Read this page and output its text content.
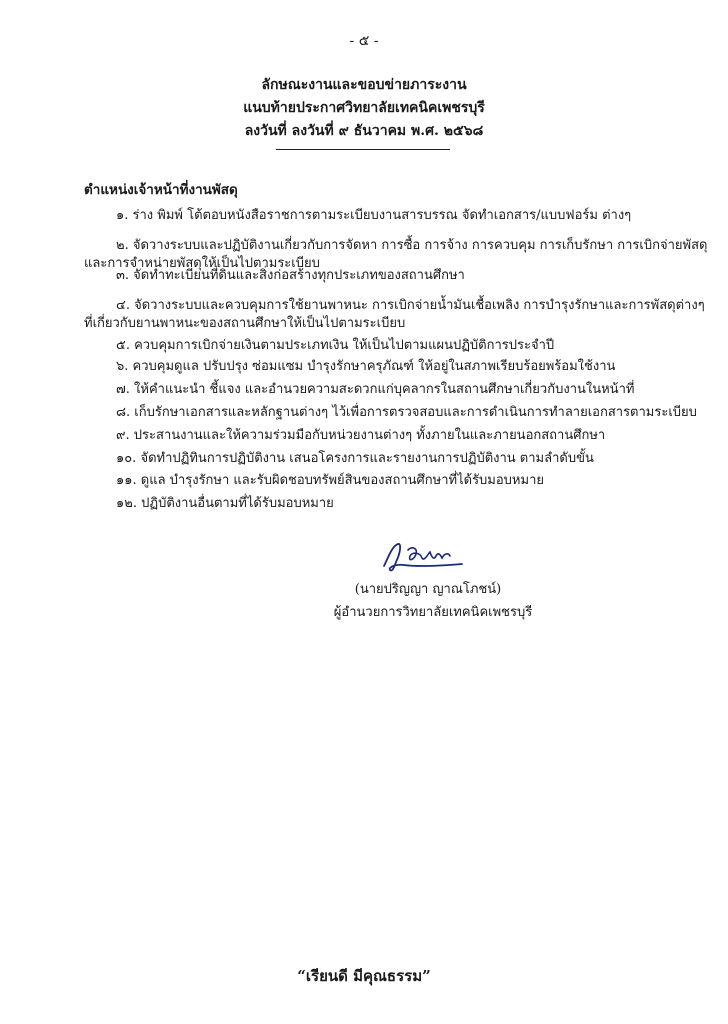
- ๕ -
ลักษณะงานและขอบข่ายภาระงาน
แนบท้ายประกาศวิทยาลัยเทคนิคเพชรบุรี
ลงวันที่ ลงวันที่ ๙ ธันวาคม พ.ศ. ๒๕๖๘
ตำแหน่งเจ้าหน้าที่งานพัสดุ
๑. ร่าง พิมพ์ โต้ตอบหนังสือราชการตามระเบียบงานสารบรรณ จัดทำเอกสาร/แบบฟอร์ม ต่างๆ
๒. จัดวางระบบและปฏิบัติงานเกี่ยวกับการจัดหา การซื้อ การจ้าง การควบคุม การเก็บรักษา การเบิกจ่ายพัสดุ
และการจำหน่ายพัสดุให้เป็นไปตามระเบียบ
๓. จัดทำทะเบียนที่ดินและสิ่งก่อสร้างทุกประเภทของสถานศึกษา
๔. จัดวางระบบและควบคุมการใช้ยานพาหนะ การเบิกจ่ายน้ำมันเชื้อเพลิง การบำรุงรักษาและการพัสดุต่างๆ
ที่เกี่ยวกับยานพาหนะของสถานศึกษาให้เป็นไปตามระเบียบ
๕. ควบคุมการเบิกจ่ายเงินตามประเภทเงิน ให้เป็นไปตามแผนปฏิบัติการประจำปี
๖. ควบคุมดูแล ปรับปรุง ซ่อมแซม บำรุงรักษาครุภัณฑ์ ให้อยู่ในสภาพเรียบร้อยพร้อมใช้งาน
๗. ให้คำแนะนำ ชี้แจง และอำนวยความสะดวกแก่บุคลากรในสถานศึกษาเกี่ยวกับงานในหน้าที่
๘. เก็บรักษาเอกสารและหลักฐานต่างๆ ไว้เพื่อการตรวจสอบและการดำเนินการทำลายเอกสารตามระเบียบ
๙. ประสานงานและให้ความร่วมมือกับหน่วยงานต่างๆ ทั้งภายในและภายนอกสถานศึกษา
๑๐. จัดทำปฏิทินการปฏิบัติงาน เสนอโครงการและรายงานการปฏิบัติงาน ตามลำดับขั้น
๑๑. ดูแล บำรุงรักษา และรับผิดชอบทรัพย์สินของสถานศึกษาที่ได้รับมอบหมาย
๑๒. ปฏิบัติงานอื่นตามที่ได้รับมอบหมาย
(นายปริญญา ญาณโภชน์)
ผู้อำนวยการวิทยาลัยเทคนิคเพชรบุรี
“เรียนดี มีคุณธรรม”
